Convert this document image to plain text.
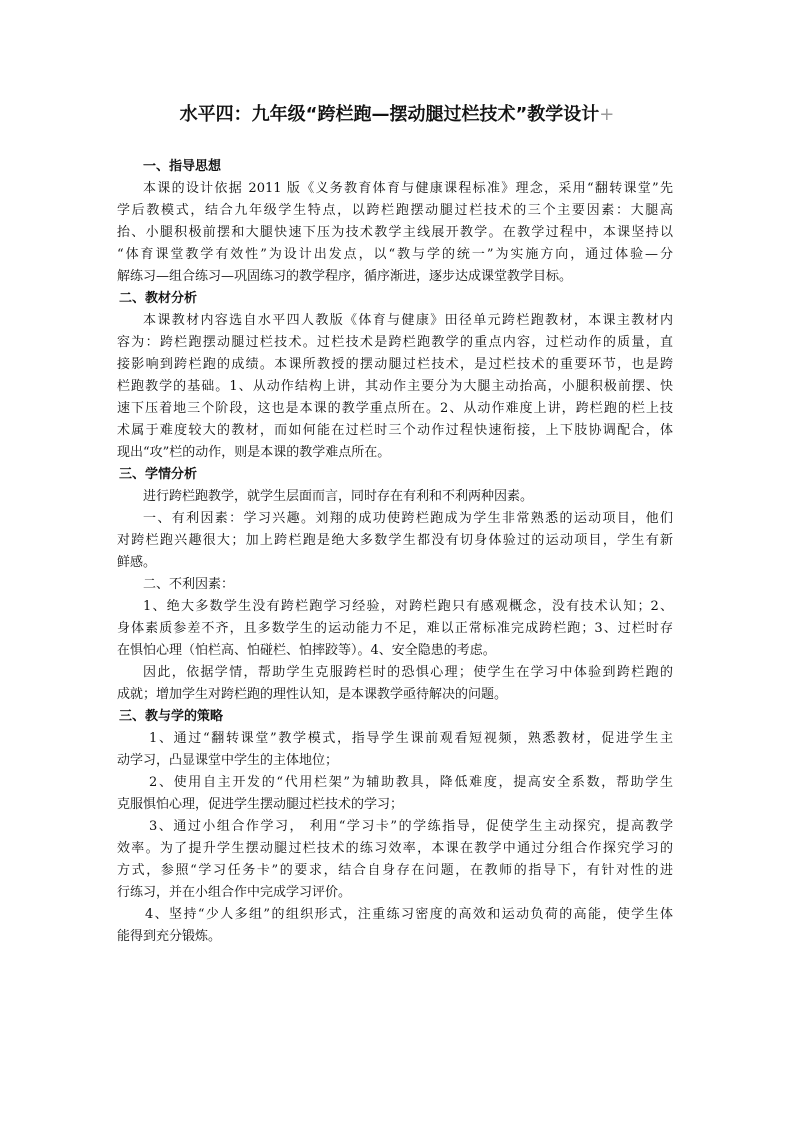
水平四：九年级“跨栏跑—摆动腿过栏技术”教学设计+

一、指导思想

本课的设计依据 2011 版《义务教育体育与健康课程标准》理念，采用“翻转课堂”先

学后教模式，结合九年级学生特点，以跨栏跑摆动腿过栏技术的三个主要因素：大腿高

抬、小腿积极前摆和大腿快速下压为技术教学主线展开教学。在教学过程中，本课坚持以

“体育课堂教学有效性”为设计出发点，以“教与学的统一”为实施方向，通过体验—分

解练习—组合练习—巩固练习的教学程序，循序渐进，逐步达成课堂教学目标。

二、教材分析

本课教材内容选自水平四人教版《体育与健康》田径单元跨栏跑教材，本课主教材内

容为：跨栏跑摆动腿过栏技术。过栏技术是跨栏跑教学的重点内容，过栏动作的质量，直

接影响到跨栏跑的成绩。本课所教授的摆动腿过栏技术，是过栏技术的重要环节，也是跨

栏跑教学的基础。1、从动作结构上讲，其动作主要分为大腿主动抬高，小腿积极前摆、快

速下压着地三个阶段，这也是本课的教学重点所在。2、从动作难度上讲，跨栏跑的栏上技

术属于难度较大的教材，而如何能在过栏时三个动作过程快速衔接，上下肢协调配合，体

现出“攻”栏的动作，则是本课的教学难点所在。

三、学情分析

进行跨栏跑教学，就学生层面而言，同时存在有利和不利两种因素。

一、有利因素：学习兴趣。刘翔的成功使跨栏跑成为学生非常熟悉的运动项目，他们

对跨栏跑兴趣很大；加上跨栏跑是绝大多数学生都没有切身体验过的运动项目，学生有新

鲜感。

二、不利因素：

1、绝大多数学生没有跨栏跑学习经验，对跨栏跑只有感观概念，没有技术认知；2、

身体素质参差不齐，且多数学生的运动能力不足，难以正常标准完成跨栏跑；3、过栏时存

在惧怕心理（怕栏高、怕碰栏、怕摔跤等）。4、安全隐患的考虑。

因此，依据学情，帮助学生克服跨栏时的恐惧心理；使学生在学习中体验到跨栏跑的

成就；增加学生对跨栏跑的理性认知，是本课教学亟待解决的问题。

三、教与学的策略

1、通过“翻转课堂”教学模式，指导学生课前观看短视频，熟悉教材，促进学生主

动学习，凸显课堂中学生的主体地位；

2、使用自主开发的“代用栏架”为辅助教具，降低难度，提高安全系数，帮助学生

克服惧怕心理，促进学生摆动腿过栏技术的学习；

3、通过小组合作学习， 利用“学习卡”的学练指导，促使学生主动探究，提高教学

效率。为了提升学生摆动腿过栏技术的练习效率，本课在教学中通过分组合作探究学习的

方式，参照“学习任务卡”的要求，结合自身存在问题，在教师的指导下，有针对性的进

行练习，并在小组合作中完成学习评价。

4、坚持“少人多组”的组织形式，注重练习密度的高效和运动负荷的高能，使学生体

能得到充分锻炼。
